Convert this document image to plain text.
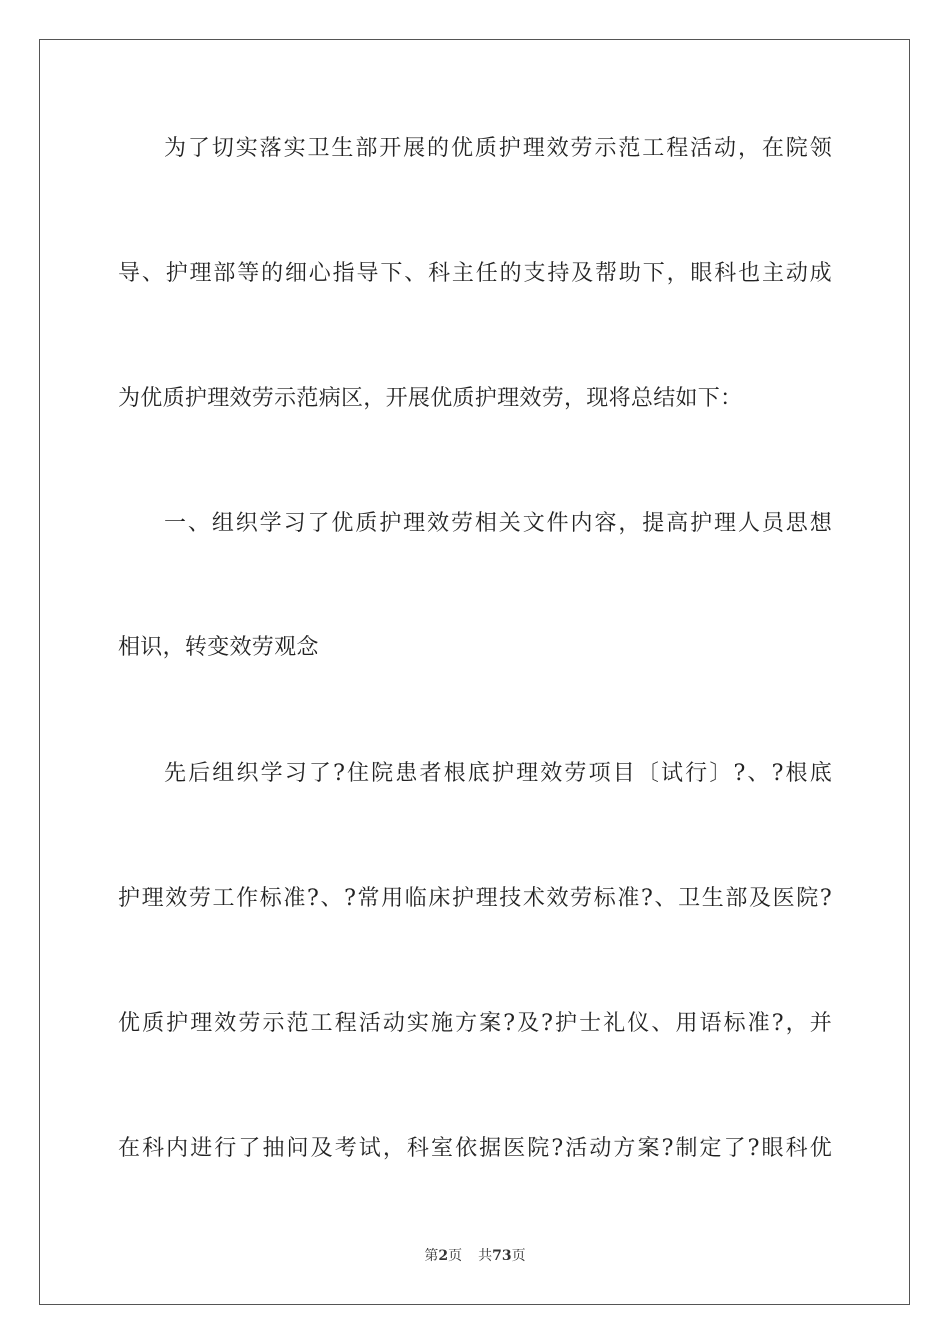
为了切实落实卫生部开展的优质护理效劳示范工程活动，在院领
导、护理部等的细心指导下、科主任的支持及帮助下，眼科也主动成
为优质护理效劳示范病区，开展优质护理效劳，现将总结如下：
一、组织学习了优质护理效劳相关文件内容，提高护理人员思想
相识，转变效劳观念
先后组织学习了?住院患者根底护理效劳项目〔试行〕?、?根底
护理效劳工作标准?、?常用临床护理技术效劳标准?、卫生部及医院?
优质护理效劳示范工程活动实施方案?及?护士礼仪、用语标准?，并
在科内进行了抽问及考试，科室依据医院?活动方案?制定了?眼科优
第2页 共73页
